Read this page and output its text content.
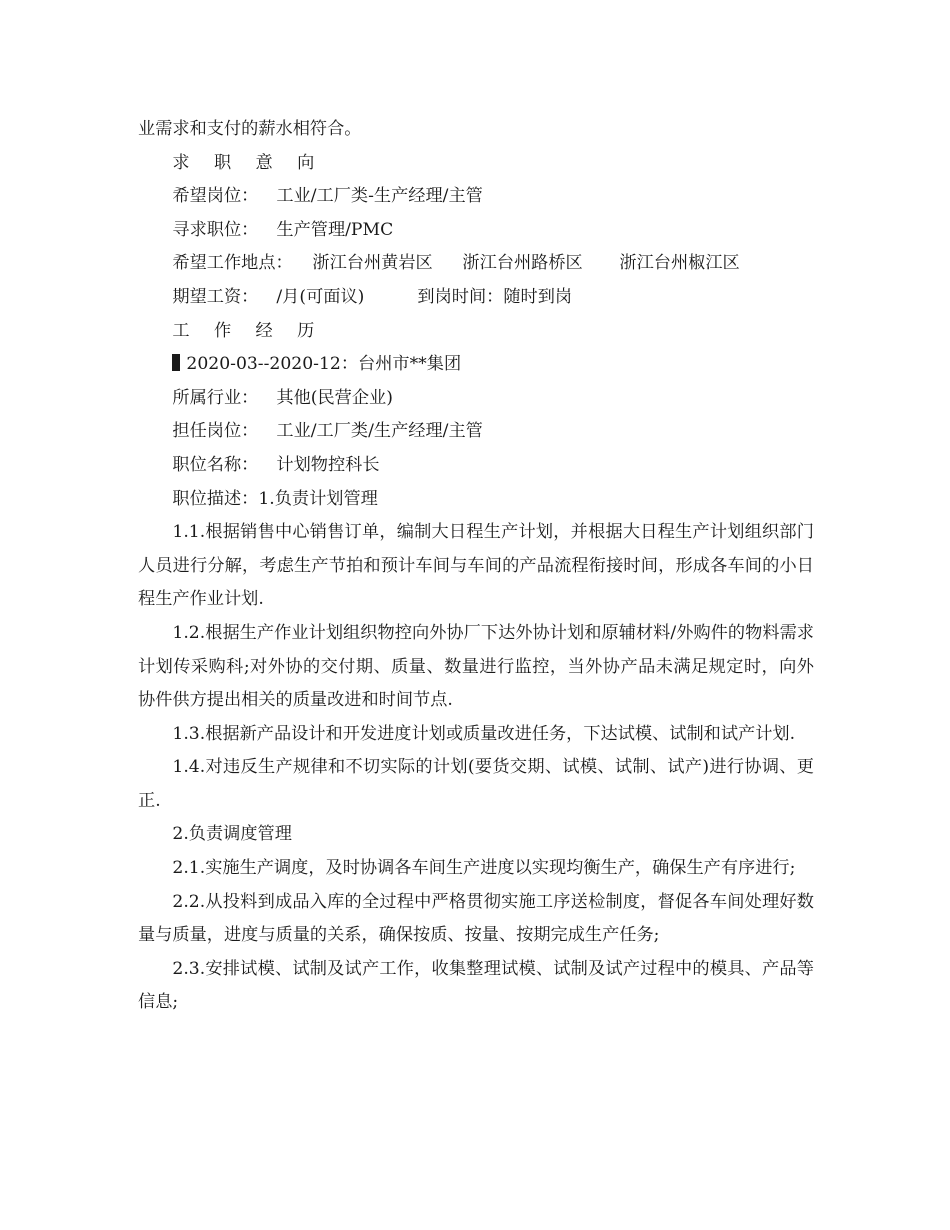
业需求和支付的薪水相符合。
求 职 意 向
希望岗位： 工业/工厂类-生产经理/主管
寻求职位： 生产管理/PMC
希望工作地点： 浙江台州黄岩区 浙江台州路桥区 浙江台州椒江区
期望工资： /月(可面议)	到岗时间：随时到岗
工 作 经 历
2020-03--2020-12：台州市**集团
所属行业： 其他(民营企业)
担任岗位： 工业/工厂类/生产经理/主管
职位名称： 计划物控科长
职位描述：1.负责计划管理

1.1.根据销售中心销售订单，编制大日程生产计划，并根据大日程生产计划组织部门人员进行分解，考虑生产节拍和预计车间与车间的产品流程衔接时间，形成各车间的小日程生产作业计划.

1.2.根据生产作业计划组织物控向外协厂下达外协计划和原辅材料/外购件的物料需求计划传采购科;对外协的交付期、质量、数量进行监控，当外协产品未满足规定时，向外协件供方提出相关的质量改进和时间节点.

1.3.根据新产品设计和开发进度计划或质量改进任务，下达试模、试制和试产计划.

1.4.对违反生产规律和不切实际的计划(要货交期、试模、试制、试产)进行协调、更正.

2.负责调度管理

2.1.实施生产调度，及时协调各车间生产进度以实现均衡生产，确保生产有序进行;

2.2.从投料到成品入库的全过程中严格贯彻实施工序送检制度，督促各车间处理好数量与质量，进度与质量的关系，确保按质、按量、按期完成生产任务;

2.3.安排试模、试制及试产工作，收集整理试模、试制及试产过程中的模具、产品等信息;
